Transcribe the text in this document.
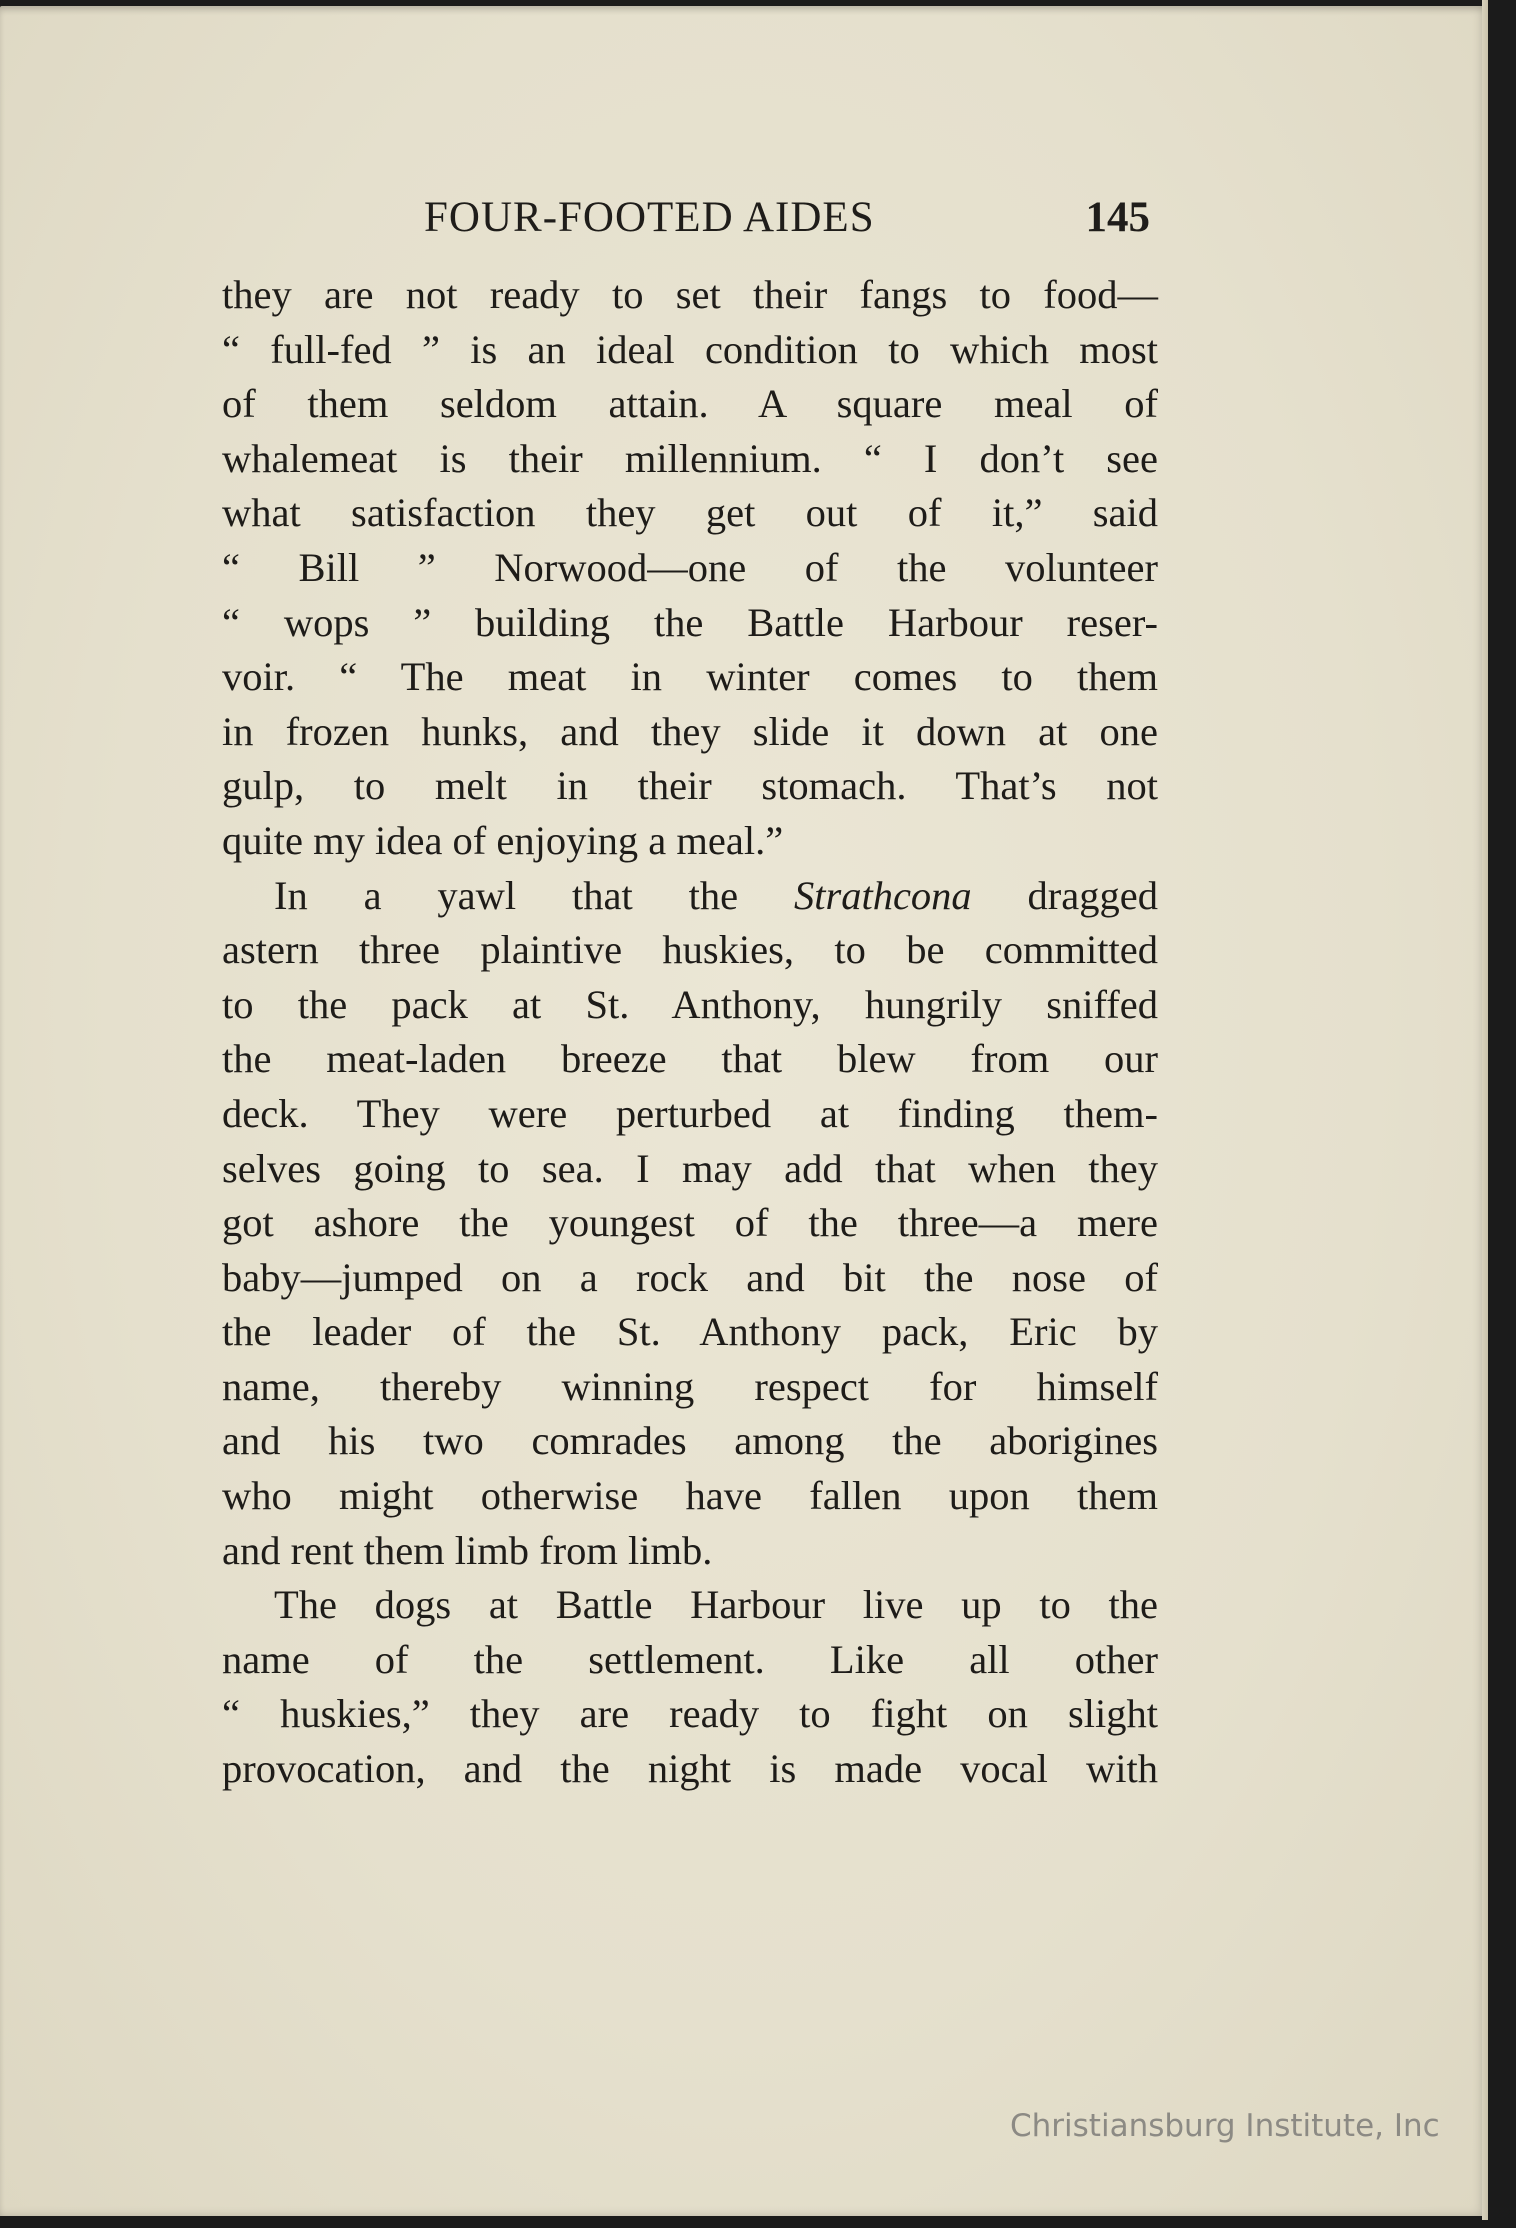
FOUR-FOOTED AIDES	145
they are not ready to set their fangs to food—
“ full-fed ” is an ideal condition to which most
of them seldom attain. A square meal of
whalemeat is their millennium. “ I don’t see
what satisfaction they get out of it,” said
“ Bill ” Norwood—one of the volunteer
“ wops ” building the Battle Harbour reser-
voir. “ The meat in winter comes to them
in frozen hunks, and they slide it down at one
gulp, to melt in their stomach. That’s not
quite my idea of enjoying a meal.”
In a yawl that the Strathcona dragged
astern three plaintive huskies, to be committed
to the pack at St. Anthony, hungrily sniffed
the meat-laden breeze that blew from our
deck. They were perturbed at finding them-
selves going to sea. I may add that when they
got ashore the youngest of the three—a mere
baby—jumped on a rock and bit the nose of
the leader of the St. Anthony pack, Eric by
name, thereby winning respect for himself
and his two comrades among the aborigines
who might otherwise have fallen upon them
and rent them limb from limb.
The dogs at Battle Harbour live up to the
name of the settlement. Like all other
“ huskies,” they are ready to fight on slight
provocation, and the night is made vocal with
Christiansburg Institute, Inc
